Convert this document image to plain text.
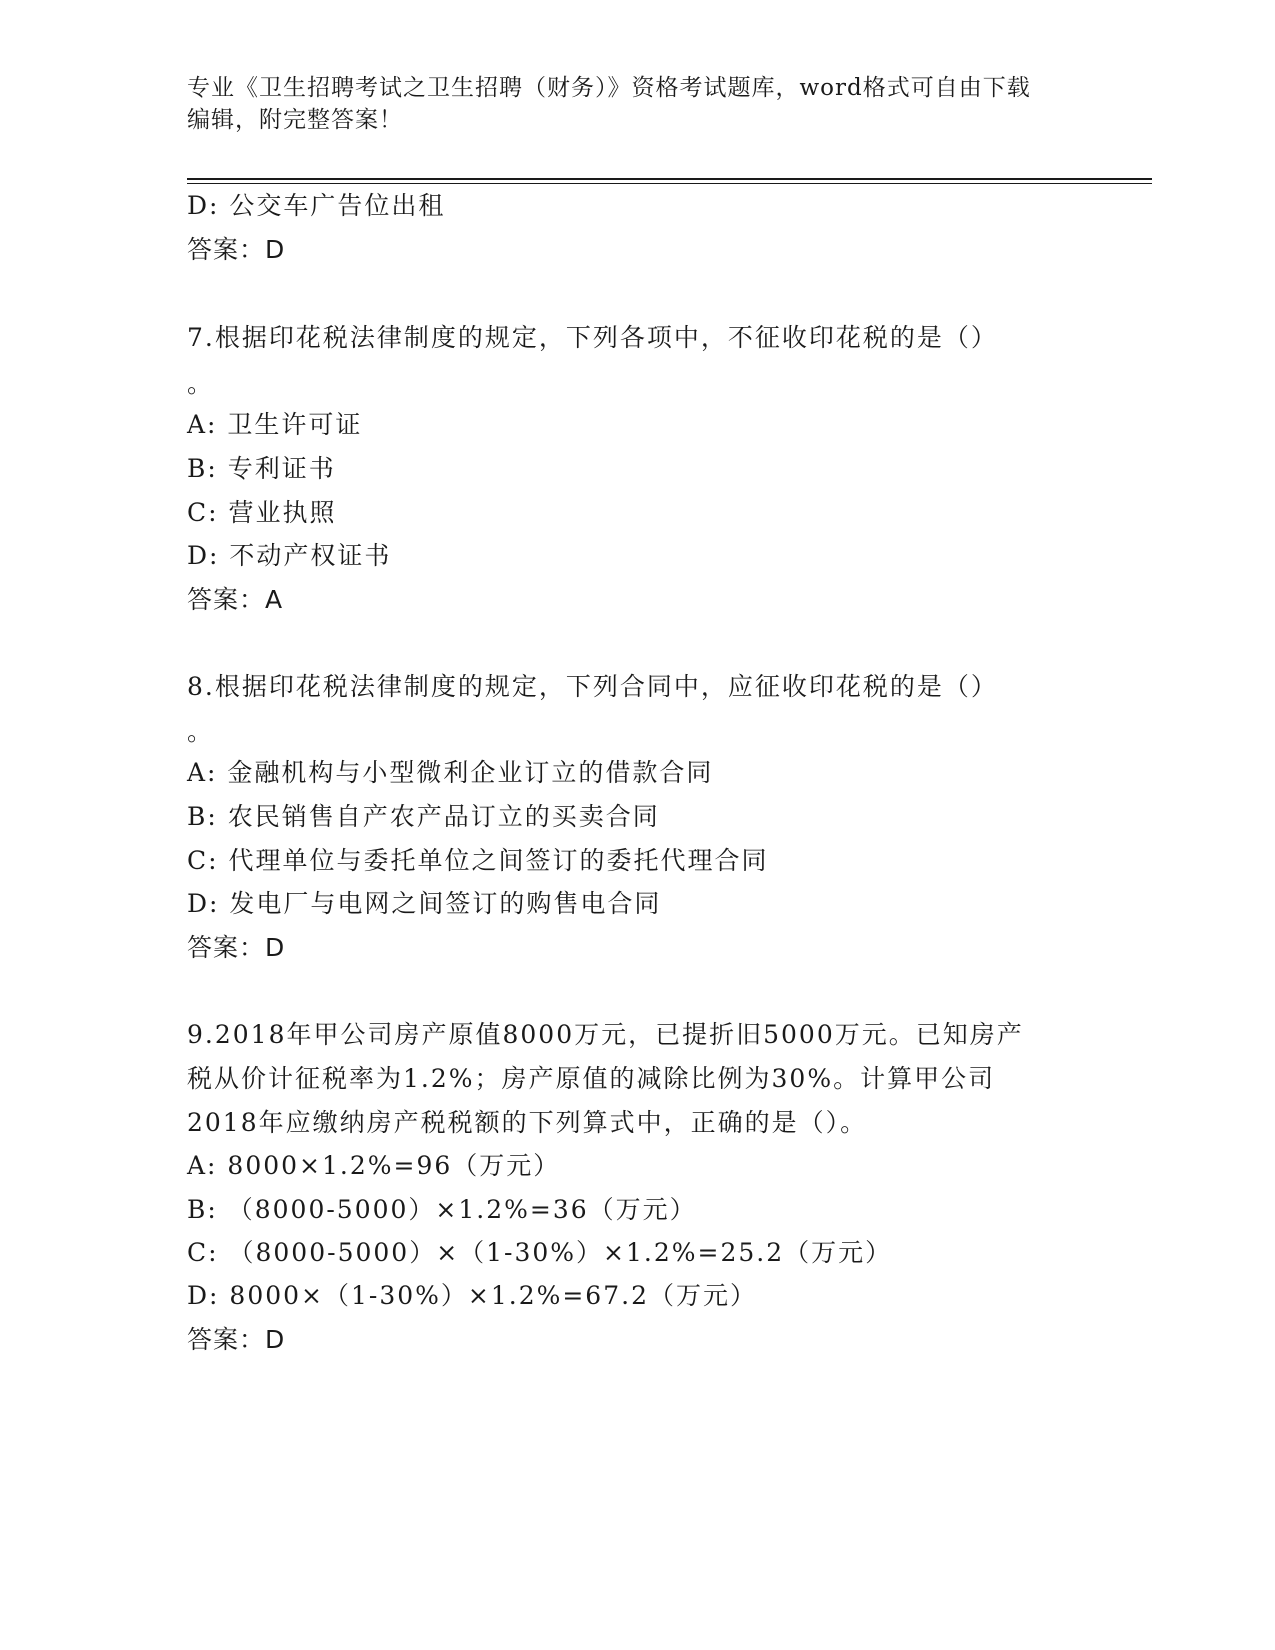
专业《卫生招聘考试之卫生招聘（财务）》资格考试题库，word格式可自由下载
编辑，附完整答案！
D: 公交车广告位出租
答案：D
7.根据印花税法律制度的规定，下列各项中，不征收印花税的是（）
。
A: 卫生许可证
B: 专利证书
C: 营业执照
D: 不动产权证书
答案：A
8.根据印花税法律制度的规定，下列合同中，应征收印花税的是（）
。
A: 金融机构与小型微利企业订立的借款合同
B: 农民销售自产农产品订立的买卖合同
C: 代理单位与委托单位之间签订的委托代理合同
D: 发电厂与电网之间签订的购售电合同
答案：D
9.2018年甲公司房产原值8000万元，已提折旧5000万元。已知房产
税从价计征税率为1.2%；房产原值的减除比例为30%。计算甲公司
2018年应缴纳房产税税额的下列算式中，正确的是（）。
A: 8000×1.2%=96（万元）
B: （8000-5000）×1.2%=36（万元）
C: （8000-5000）×（1-30%）×1.2%=25.2（万元）
D: 8000×（1-30%）×1.2%=67.2（万元）
答案：D
